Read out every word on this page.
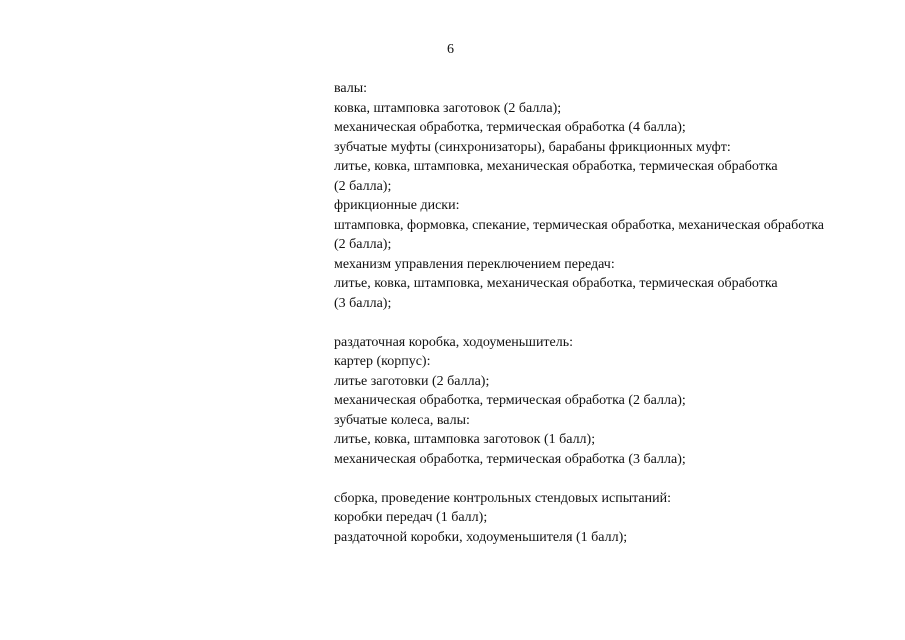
6
валы:
ковка, штамповка заготовок (2 балла);
механическая обработка, термическая обработка (4 балла);
зубчатые муфты (синхронизаторы), барабаны фрикционных муфт:
литье, ковка, штамповка, механическая обработка, термическая обработка
(2 балла);
фрикционные диски:
штамповка, формовка, спекание, термическая обработка, механическая обработка
(2 балла);
механизм управления переключением передач:
литье, ковка, штамповка, механическая обработка, термическая обработка
(3 балла);
раздаточная коробка, ходоуменьшитель:
картер (корпус):
литье заготовки (2 балла);
механическая обработка, термическая обработка (2 балла);
зубчатые колеса, валы:
литье, ковка, штамповка заготовок (1 балл);
механическая обработка, термическая обработка (3 балла);
сборка, проведение контрольных стендовых испытаний:
коробки передач (1 балл);
раздаточной коробки, ходоуменьшителя (1 балл);
